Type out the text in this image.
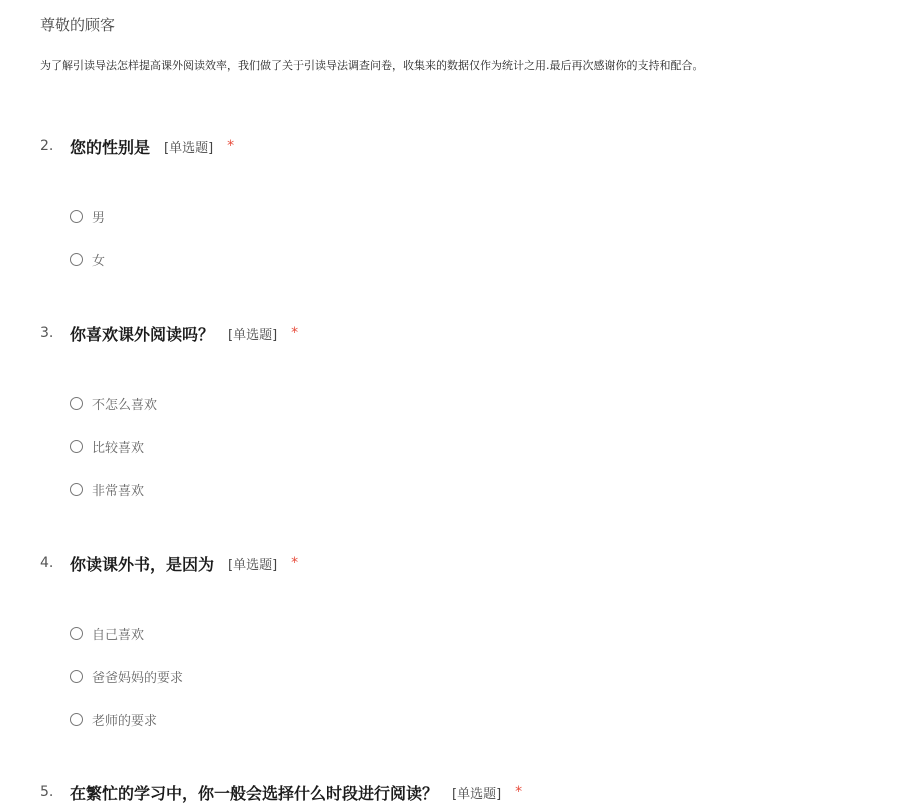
尊敬的顾客
为了解引读导法怎样提高课外阅读效率，我们做了关于引读导法调查问卷，收集来的数据仅作为统计之用.最后再次感谢你的支持和配合。
2.	您的性别是 [单选题] *
男
女
3.	你喜欢课外阅读吗？ [单选题] *
不怎么喜欢
比较喜欢
非常喜欢
4.	你读课外书，是因为 [单选题] *
自己喜欢
爸爸妈妈的要求
老师的要求
5.	在繁忙的学习中，你一般会选择什么时段进行阅读？ [单选题] *
